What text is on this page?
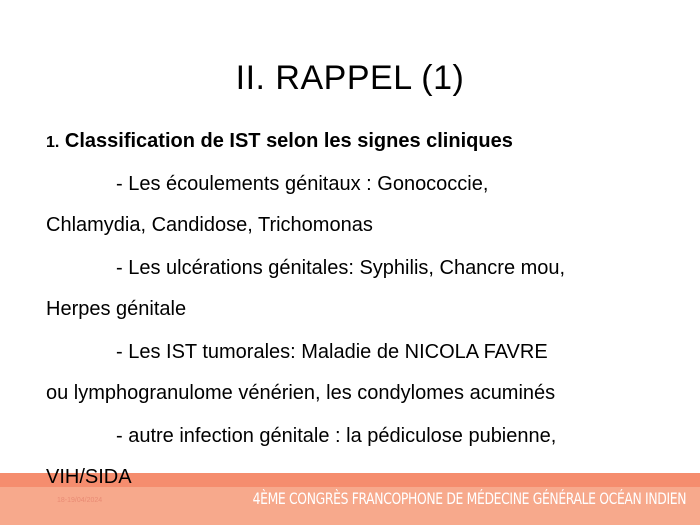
II. RAPPEL (1)
1. Classification de IST selon les signes cliniques
- Les écoulements génitaux : Gonococcie,
Chlamydia, Candidose, Trichomonas
- Les ulcérations génitales: Syphilis, Chancre mou,
Herpes génitale
- Les IST tumorales: Maladie de NICOLA FAVRE
ou lymphogranulome vénérien, les condylomes acuminés
- autre infection génitale : la pédiculose pubienne,
18-19/04/2024	4ÈME CONGRÈS FRANCOPHONE DE MÉDECINE GÉNÉRALE OCÉAN INDIEN
VIH/SIDA
